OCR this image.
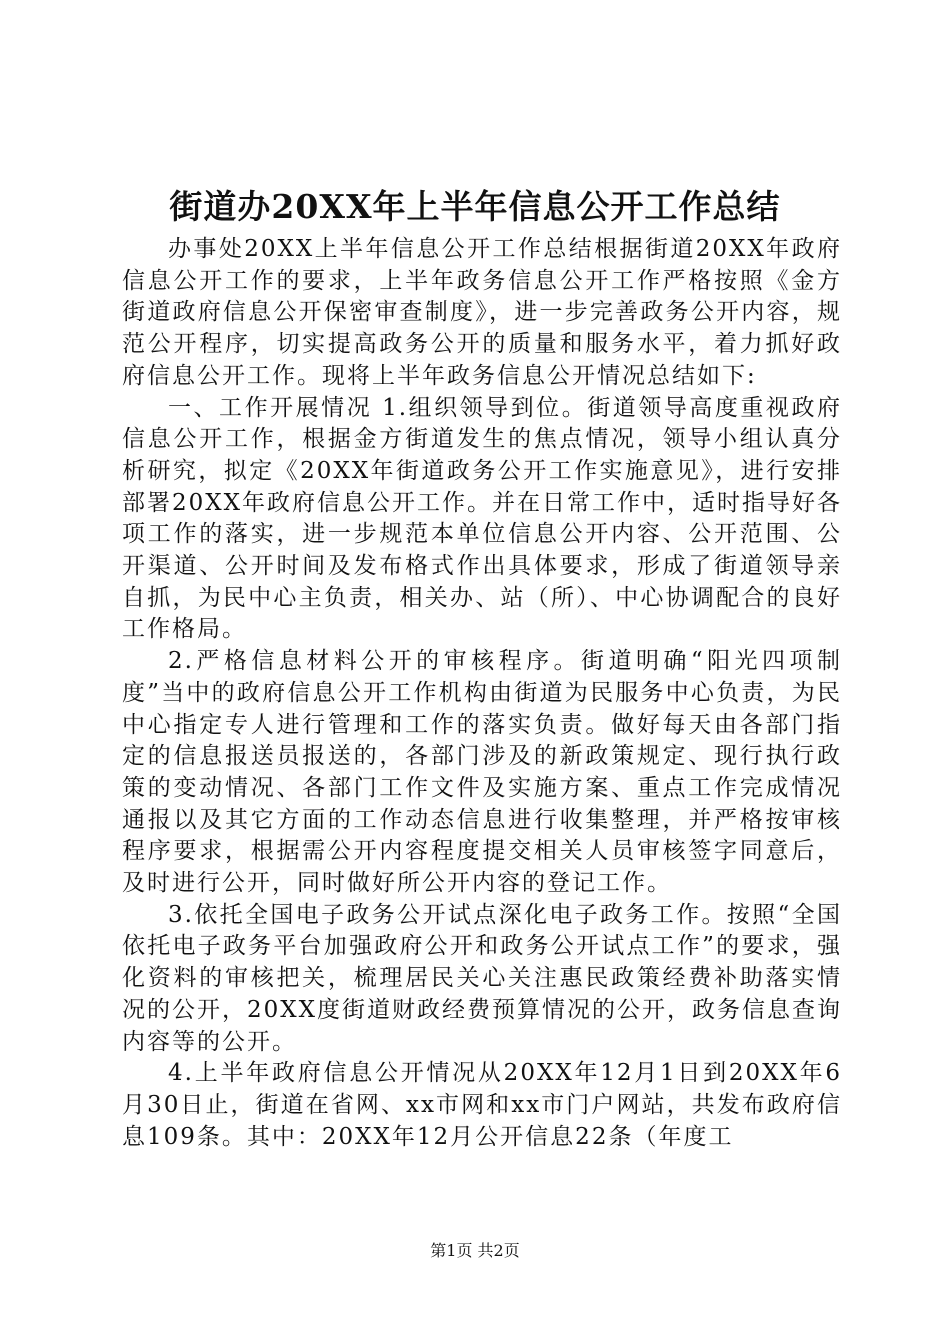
街道办20XX年上半年信息公开工作总结

办事处20XX上半年信息公开工作总结根据街道20XX年政府信息公开工作的要求，上半年政务信息公开工作严格按照《金方街道政府信息公开保密审查制度》，进一步完善政务公开内容，规范公开程序，切实提高政务公开的质量和服务水平，着力抓好政府信息公开工作。现将上半年政务信息公开情况总结如下:

一、工作开展情况 1.组织领导到位。街道领导高度重视政府信息公开工作，根据金方街道发生的焦点情况，领导小组认真分析研究，拟定《20XX年街道政务公开工作实施意见》，进行安排部署20XX年政府信息公开工作。并在日常工作中，适时指导好各项工作的落实，进一步规范本单位信息公开内容、公开范围、公开渠道、公开时间及发布格式作出具体要求，形成了街道领导亲自抓，为民中心主负责，相关办、站（所）、中心协调配合的良好工作格局。

2.严格信息材料公开的审核程序。街道明确“阳光四项制度”当中的政府信息公开工作机构由街道为民服务中心负责，为民中心指定专人进行管理和工作的落实负责。做好每天由各部门指定的信息报送员报送的，各部门涉及的新政策规定、现行执行政策的变动情况、各部门工作文件及实施方案、重点工作完成情况通报以及其它方面的工作动态信息进行收集整理，并严格按审核程序要求，根据需公开内容程度提交相关人员审核签字同意后，及时进行公开，同时做好所公开内容的登记工作。

3.依托全国电子政务公开试点深化电子政务工作。按照“全国依托电子政务平台加强政府公开和政务公开试点工作”的要求，强化资料的审核把关，梳理居民关心关注惠民政策经费补助落实情况的公开，20XX度街道财政经费预算情况的公开，政务信息查询内容等的公开。

4.上半年政府信息公开情况从20XX年12月1日到20XX年6月30日止，街道在省网、xx市网和xx市门户网站，共发布政府信息109条。其中：20XX年12月公开信息22条（年度工

第1页 共2页
